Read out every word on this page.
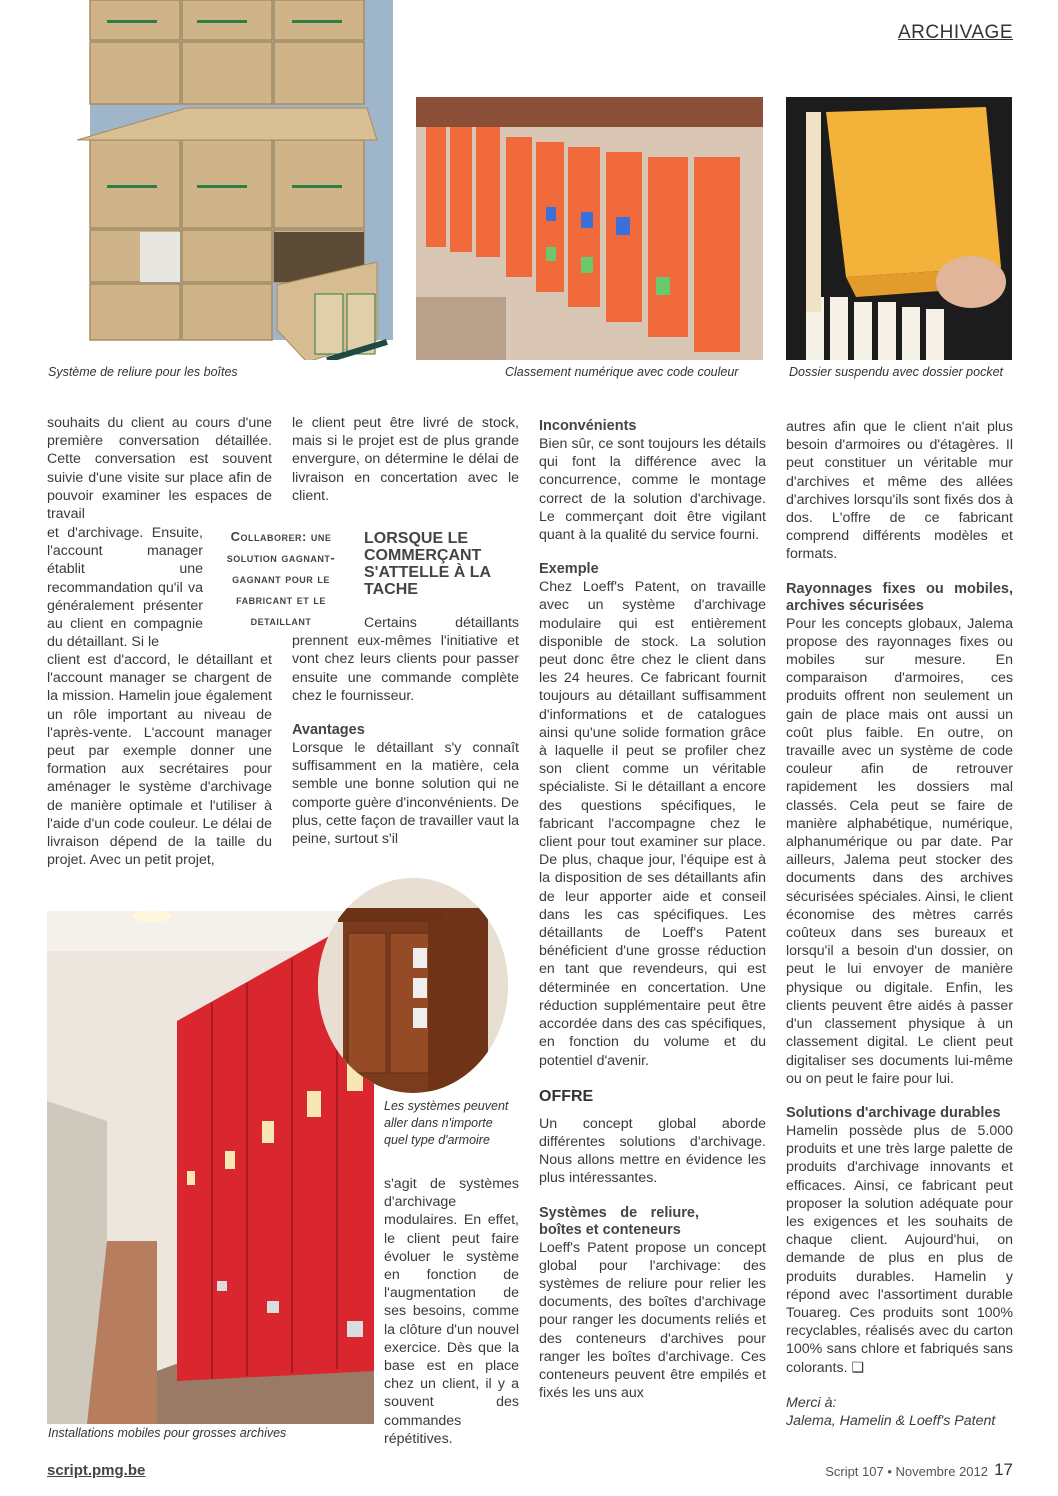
ARCHIVAGE
Système de reliure pour les boîtes	Classement numérique avec code couleur	Dossier suspendu avec dossier pocket

souhaits du client au cours d'une première conversation détaillée. Cette conversation est souvent suivie d'une visite sur place afin de pouvoir examiner les espaces de travail

et d'archivage. Ensuite, l'account manager établit une recommandation qu'il va généralement présenter au client en compagnie du détaillant. Si le

client est d'accord, le détaillant et l'account manager se chargent de la mission. Hamelin joue également un rôle important au niveau de l'après-vente. L'account manager peut par exemple donner une formation aux secrétaires pour aménager le système d'archivage de manière optimale et l'utiliser à l'aide d'un code couleur. Le délai de livraison dépend de la taille du projet. Avec un petit projet,

le client peut être livré de stock, mais si le projet est de plus grande envergure, on détermine le délai de livraison en concertation avec le client.

Collaborer: une solution gagnant-gagnant pour le fabricant et le detaillant
LORSQUE LE COMMERÇANT S'ATTELLE À LA TACHE

Certains détaillants prennent eux-mêmes l'initiative et vont chez leurs clients pour passer ensuite une commande complète chez le fournisseur.

Avantages

Lorsque le détaillant s'y connaît suffisamment en la matière, cela semble une bonne solution qui ne comporte guère d'inconvénients. De plus, cette façon de travailler vaut la peine, surtout s'il

Les systèmes peuvent aller dans n'importe quel type d'armoire

s'agit de systèmes d'archivage modulaires. En effet, le client peut faire évoluer le système en fonction de l'augmentation de ses besoins, comme la clôture d'un nouvel exercice. Dès que la base est en place chez un client, il y a souvent des commandes répétitives.

Installations mobiles pour grosses archives
Inconvénients

Bien sûr, ce sont toujours les détails qui font la différence avec la concurrence, comme le montage correct de la solution d'archivage. Le commerçant doit être vigilant quant à la qualité du service fourni.

Exemple

Chez Loeff's Patent, on travaille avec un système d'archivage modulaire qui est entièrement disponible de stock. La solution peut donc être chez le client dans les 24 heures. Ce fabricant fournit toujours au détaillant suffisamment d'informations et de catalogues ainsi qu'une solide formation grâce à laquelle il peut se profiler chez son client comme un véritable spécialiste. Si le détaillant a encore des questions spécifiques, le fabricant l'accompagne chez le client pour tout examiner sur place. De plus, chaque jour, l'équipe est à la disposition de ses détaillants afin de leur apporter aide et conseil dans les cas spécifiques. Les détaillants de Loeff's Patent bénéficient d'une grosse réduction en tant que revendeurs, qui est déterminée en concertation. Une réduction supplémentaire peut être accordée dans des cas spécifiques, en fonction du volume et du potentiel d'avenir.

OFFRE

Un concept global aborde différentes solutions d'archivage. Nous allons mettre en évidence les plus intéressantes.

Systèmes de reliure, boîtes et conteneurs

Loeff's Patent propose un concept global pour l'archivage: des systèmes de reliure pour relier les documents, des boîtes d'archivage pour ranger les documents reliés et des conteneurs d'archives pour ranger les boîtes d'archivage. Ces conteneurs peuvent être empilés et fixés les uns aux

autres afin que le client n'ait plus besoin d'armoires ou d'étagères. Il peut constituer un véritable mur d'archives et même des allées d'archives lorsqu'ils sont fixés dos à dos. L'offre de ce fabricant comprend différents modèles et formats.

Rayonnages fixes ou mobiles, archives sécurisées

Pour les concepts globaux, Jalema propose des rayonnages fixes ou mobiles sur mesure. En comparaison d'armoires, ces produits offrent non seulement un gain de place mais ont aussi un coût plus faible. En outre, on travaille avec un système de code couleur afin de retrouver rapidement les dossiers mal classés. Cela peut se faire de manière alphabétique, numérique, alphanumérique ou par date. Par ailleurs, Jalema peut stocker des documents dans des archives sécurisées spéciales. Ainsi, le client économise des mètres carrés coûteux dans ses bureaux et lorsqu'il a besoin d'un dossier, on peut le lui envoyer de manière physique ou digitale. Enfin, les clients peuvent être aidés à passer d'un classement physique à un classement digital. Le client peut digitaliser ses documents lui-même ou on peut le faire pour lui.

Solutions d'archivage durables

Hamelin possède plus de 5.000 produits et une très large palette de produits d'archivage innovants et efficaces. Ainsi, ce fabricant peut proposer la solution adéquate pour les exigences et les souhaits de chaque client. Aujourd'hui, on demande de plus en plus de produits durables. Hamelin y répond avec l'assortiment durable Touareg. Ces produits sont 100% recyclables, réalisés avec du carton 100% sans chlore et fabriqués sans colorants. ❑

Merci à:

Jalema, Hamelin & Loeff's Patent

script.pmg.be	Script 107 • Novembre 2012 17
